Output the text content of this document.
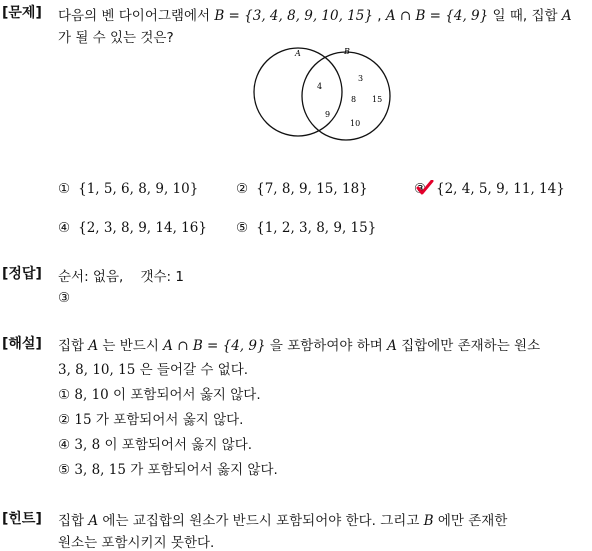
[문제] 다음의 벤 다이어그램에서 B = {3, 4, 8, 9, 10, 15} , A ∩ B = {4, 9} 일 때, 집합 A
가 될 수 있는 것은?
A	B
3
4
8 15
9
10
① {1, 5, 6, 8, 9, 10}	② {7, 8, 9, 15, 18}	③ {2, 4, 5, 9, 11, 14}
④ {2, 3, 8, 9, 14, 16} ⑤ {1, 2, 3, 8, 9, 15}
[정답] 순서: 없음,    갯수: 1
③
[해설] 집합 A 는 반드시 A ∩ B = {4, 9} 을 포함하여야 하며 A 집합에만 존재하는 원소
3, 8, 10, 15 은 들어갈 수 없다.
① 8, 10 이 포함되어서 옳지 않다.
② 15 가 포함되어서 옳지 않다.
④ 3, 8 이 포함되어서 옳지 않다.
⑤ 3, 8, 15 가 포함되어서 옳지 않다.
[힌트] 집합 A 에는 교집합의 원소가 반드시 포함되어야 한다. 그리고 B 에만 존재한
원소는 포함시키지 못한다.
